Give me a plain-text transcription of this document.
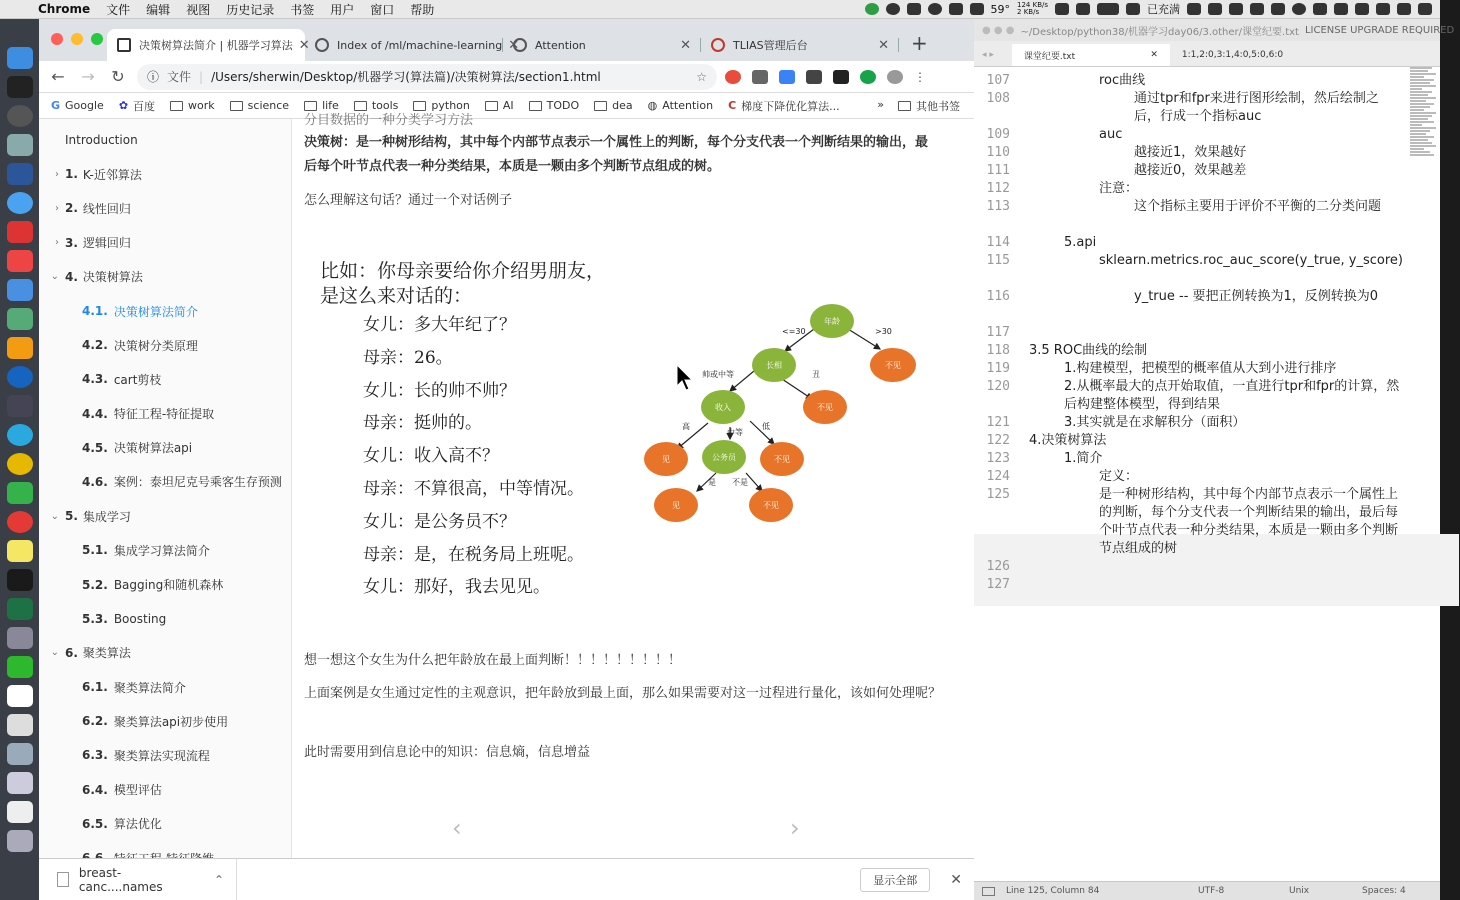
Chrome	文件	编辑	视图	历史记录	书签	用户	窗口	帮助	59° 124 KB/s
2 KB/s	已充满
决策树算法简介 | 机器学习算法 ✕ Index of /ml/machine-learning ✕ Attention	✕	TLIAS管理后台	✕	+
← → ↻	ⓘ 文件 | /Users/sherwin/Desktop/机器学习(算法篇)/决策树算法/section1.html	☆	⋮
G Google ✿ 百度	work	science	life	tools	python	AI	TODO	dea ◍ Attention C 梯度下降优化算法...	»	其他书签
Introduction
› 1. K-近邻算法
› 2. 线性回归
› 3. 逻辑回归
⌄ 4. 决策树算法
4.1. 决策树算法简介
4.2. 决策树分类原理
4.3. cart剪枝
4.4. 特征工程-特征提取
4.5. 决策树算法api
4.6. 案例：泰坦尼克号乘客生存预测
⌄ 5. 集成学习
5.1. 集成学习算法简介
5.2. Bagging和随机森林
5.3. Boosting
⌄ 6. 聚类算法
6.1. 聚类算法简介
6.2. 聚类算法api初步使用
6.3. 聚类算法实现流程
6.4. 模型评估
6.5. 算法优化
分目数据的一种分类学习方法
决策树：是一种树形结构，其中每个内部节点表示一个属性上的判断，每个分支代表一个判断结果的输出，最后每个叶节点代表一种分类结果，本质是一颗由多个判断节点组成的树。
怎么理解这句话？通过一个对话例子
比如：你母亲要给你介绍男朋友，是这么来对话的：
女儿：多大年纪了？
母亲：26。
女儿：长的帅不帅？
母亲：挺帅的。
女儿：收入高不？
母亲：不算很高，中等情况。
女儿：是公务员不？
母亲：是，在税务局上班呢。
女儿：那好，我去见见。
<=30	>30
帅或中等	丑
高
中等
低
是 不是
年龄
长相	不见
收入	不见
见	公务员	不见
见	不见
想一想这个女生为什么把年龄放在最上面判断！！！！！！！！！
上面案例是女生通过定性的主观意识，把年龄放到最上面，那么如果需要对这一过程进行量化，该如何处理呢？
此时需要用到信息论中的知识：信息熵，信息增益
‹	›
breast-canc....names	⌃	显示全部	✕
● ● ● ~/Desktop/python38/机器学习day06/3.other/课堂纪要.txt LICENSE UPGRADE REQUIRED
◂ ▸	课堂纪要.txt	✕	1:1,2:0,3:1,4:0,5:0,6:0
107	roc曲线
108	通过tpr和fpr来进行图形绘制，然后绘制之后，行成一个指标auc
109	auc
110	越接近1，效果越好
111	越接近0，效果越差
112	注意：
113	这个指标主要用于评价不平衡的二分类问题
114	5.api
115	sklearn.metrics.roc_auc_score(y_true, y_score)
116	y_true -- 要把正例转换为1，反例转换为0
117
118 3.5 ROC曲线的绘制
119	1.构建模型，把模型的概率值从大到小进行排序
120	2.从概率最大的点开始取值，一直进行tpr和fpr的计算，然后构建整体模型，得到结果
121	3.其实就是在求解积分（面积）
122 4.决策树算法
123	1.简介
124	定义：
125	是一种树形结构，其中每个内部节点表示一个属性上的判断，每个分支代表一个判断结果的输出，最后每个叶节点代表一种分类结果，本质是一颗由多个判断节点组成的树
126
127
Line 125, Column 84	UTF-8	Unix	Spaces: 4
